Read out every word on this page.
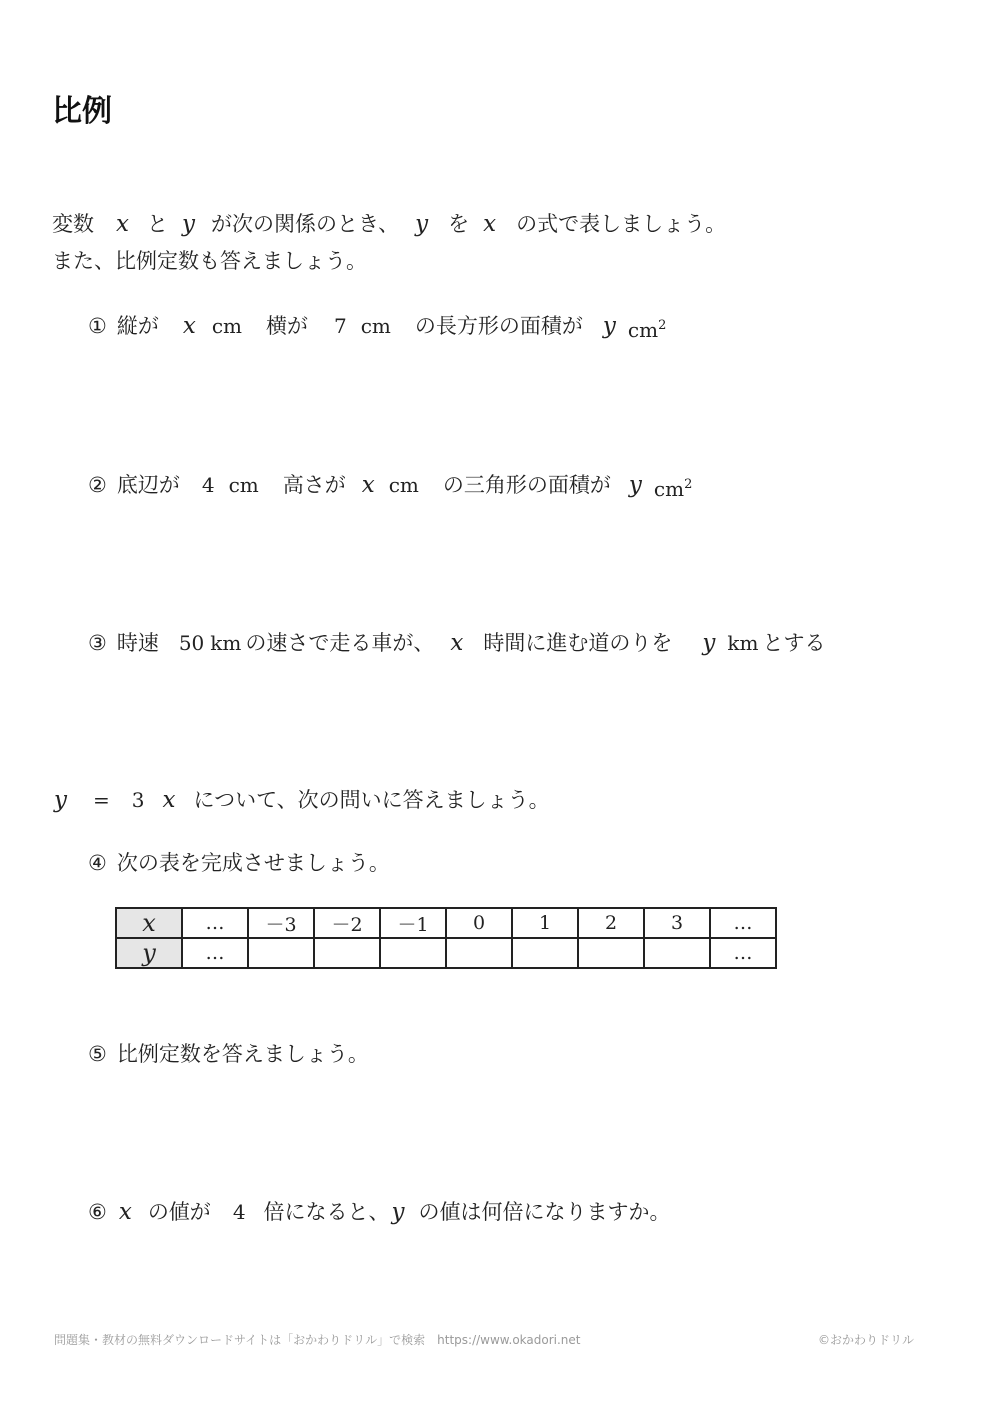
比例
変数 x と y が次の関係のとき、 y を x の式で表しましょう。
また、比例定数も答えましょう。
① 縦が x cm 横が 7 cm の長方形の面積が y cm 2
② 底辺が 4 cm 高さが x cm の三角形の面積が y cm 2
③ 時速 50 km の速さで走る車が、 x 時間に進む道のりを y km とする
y = 3 x について、次の問いに答えましょう。
④ 次の表を完成させましょう。
x	…	－3	－2	－1	0	1	2	3	…
y	…								…
⑤ 比例定数を答えましょう。
⑥ x の値が 4 倍になると、 y の値は何倍になりますか。
問題集・教材の無料ダウンロードサイトは「おかわりドリル」で検索　https://www.okadori.net	©おかわりドリル
